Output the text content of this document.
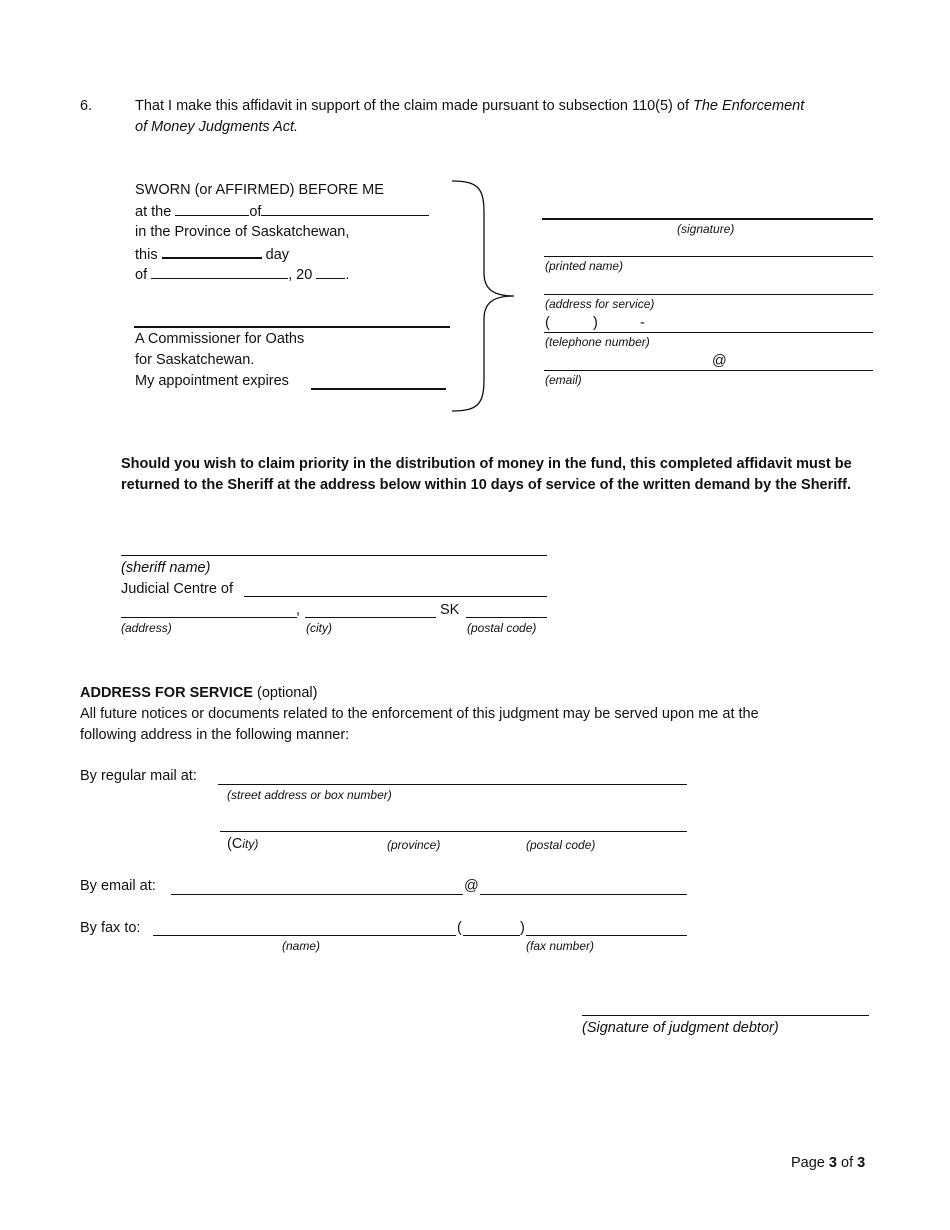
6.	That I make this affidavit in support of the claim made pursuant to subsection 110(5) of The Enforcement
of Money Judgments Act.
SWORN (or AFFIRMED) BEFORE ME
at the	of
in the Province of Saskatchewan,
this	day
of	, 20 .
A Commissioner for Oaths
for Saskatchewan.
My appointment expires
(signature)
(printed name)
(address for service)
(	)	-
(telephone number)
@
(email)
Should you wish to claim priority in the distribution of money in the fund, this completed affidavit must be returned to the Sheriff at the address below within 10 days of service of the written demand by the Sheriff.
(sheriff name)
Judicial Centre of
,	SK
(address)	(city)	(postal code)
ADDRESS FOR SERVICE (optional)
All future notices or documents related to the enforcement of this judgment may be served upon me at the
following address in the following manner:
By regular mail at:
(street address or box number)
(City)	(province)	(postal code)
By email at:	@
By fax to:	(	)
(name)	(fax number)
(Signature of judgment debtor)
Page 3 of 3
